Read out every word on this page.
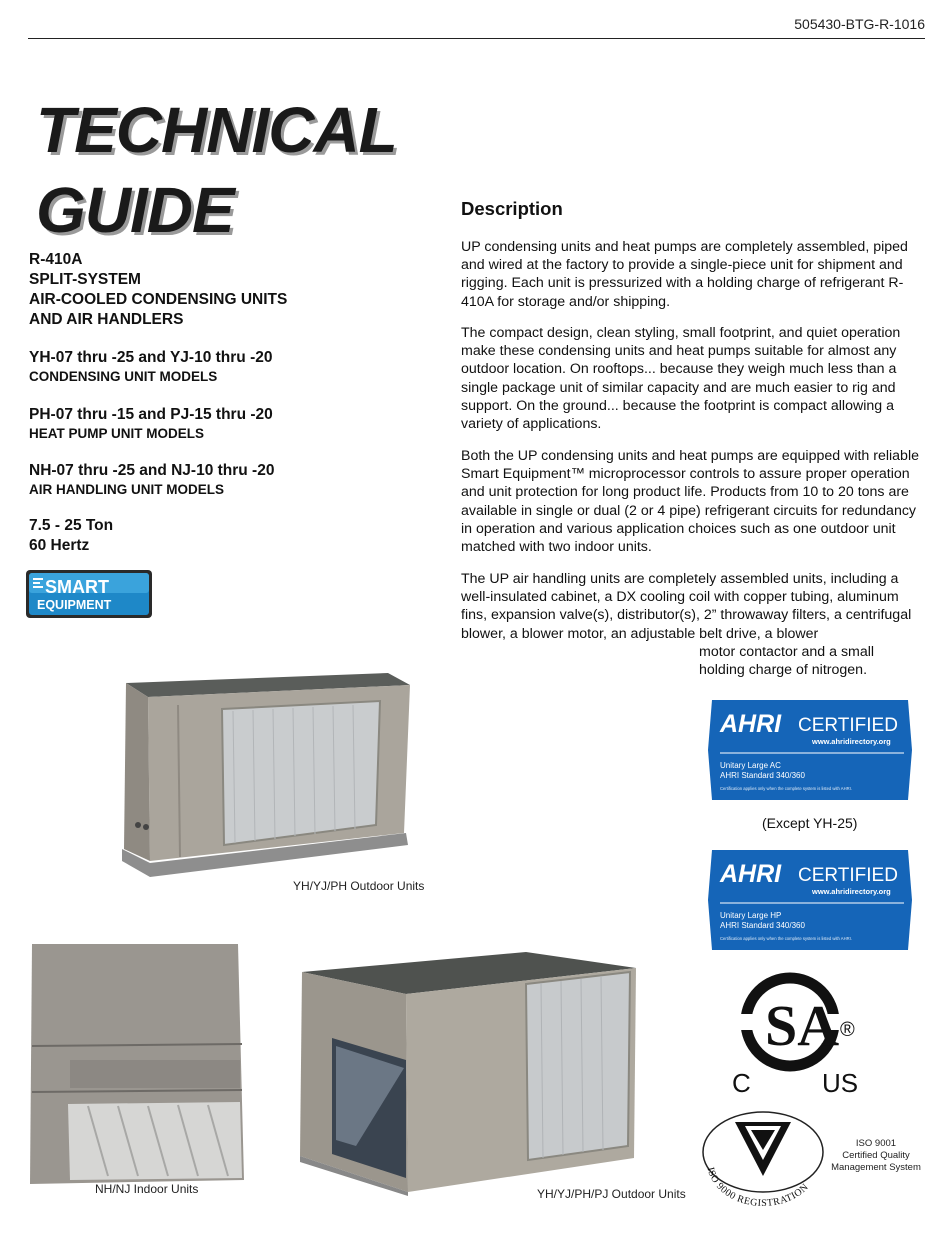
505430-BTG-R-1016
TECHNICAL
GUIDE
R-410A
SPLIT-SYSTEM
AIR-COOLED CONDENSING UNITS
AND AIR HANDLERS
YH-07 thru -25 and YJ-10 thru -20
CONDENSING UNIT MODELS
PH-07 thru -15 and PJ-15 thru -20
HEAT PUMP UNIT MODELS
NH-07 thru -25 and NJ-10 thru -20
AIR HANDLING UNIT MODELS
7.5 - 25 Ton
60 Hertz
SMART
EQUIPMENT
Description
UP condensing units and heat pumps are completely assembled, piped and wired at the factory to provide a single-piece unit for shipment and rigging. Each unit is pressurized with a holding charge of refrigerant R-410A for storage and/or shipping.
The compact design, clean styling, small footprint, and quiet operation make these condensing units and heat pumps suitable for almost any outdoor location. On rooftops... because they weigh much less than a single package unit of similar capacity and are much easier to rig and support. On the ground... because the footprint is compact allowing a variety of applications.
Both the UP condensing units and heat pumps are equipped with reliable Smart Equipment™ microprocessor controls to assure proper operation and unit protection for long product life. Products from 10 to 20 tons are available in single or dual (2 or 4 pipe) refrigerant circuits for redundancy in operation and various application choices such as one outdoor unit matched with two indoor units.
The UP air handling units are completely assembled units, including a well-insulated cabinet, a DX cooling coil with copper tubing, aluminum fins, expansion valve(s), distributor(s), 2” throwaway filters, a centrifugal blower, a blower motor, an adjustable belt drive, a blower
motor contactor and a small
holding charge of nitrogen.
AHRI CERTIFIED
www.ahridirectory.org
Unitary Large AC
AHRI Standard 340/360
Certification applies only when the complete system is listed with AHRI.
(Except YH-25)
AHRI CERTIFIED
www.ahridirectory.org
Unitary Large HP
AHRI Standard 340/360
Certification applies only when the complete system is listed with AHRI.
SA ®
C	US
ISO 9000 REGISTRATION
ISO 9001
Certified Quality
Management System
YH/YJ/PH Outdoor Units
NH/NJ Indoor Units	YH/YJ/PH/PJ Outdoor Units
